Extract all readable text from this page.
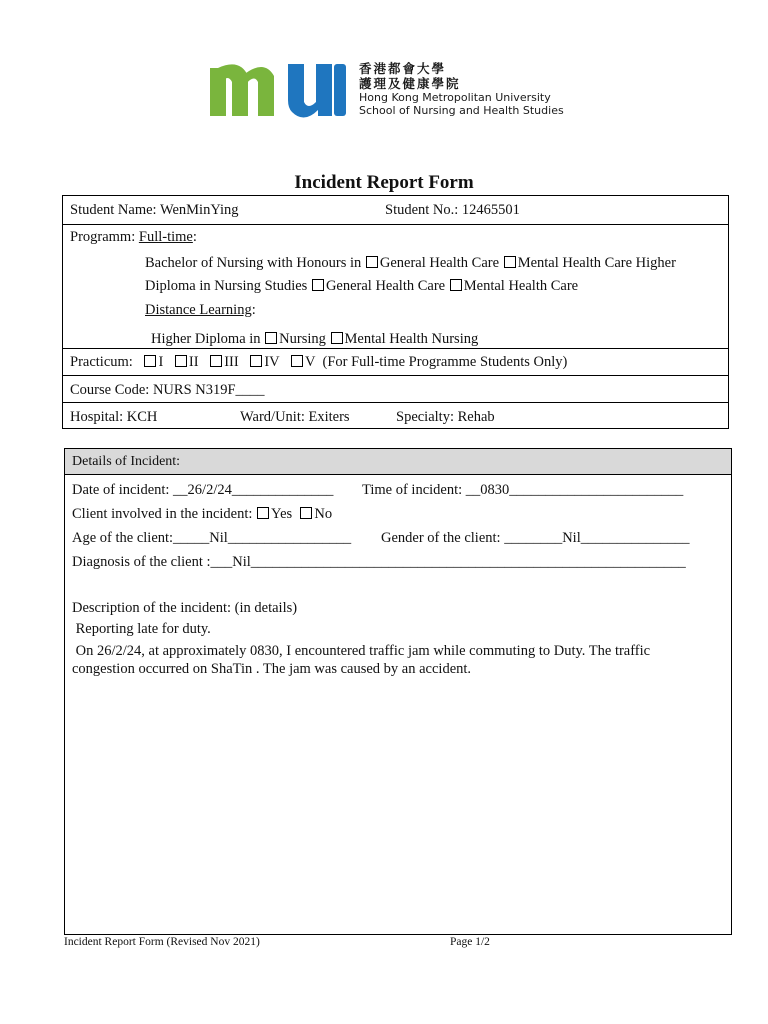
香港都會大學
護理及健康學院
Hong Kong Metropolitan University
School of Nursing and Health Studies
Incident Report Form
Student Name: WenMinYing	Student No.: 12465501
Programm: Full-time:
Bachelor of Nursing with Honours in General Health Care Mental Health Care Higher
Diploma in Nursing Studies General Health Care Mental Health Care
Distance Learning:
Higher Diploma in Nursing Mental Health Nursing
Practicum: I II III IV V (For Full-time Programme Students Only)
Course Code: NURS N319F____
Hospital: KCH	Ward/Unit: Exiters	Specialty: Rehab
Details of Incident:
Date of incident: __26/2/24______________ Time of incident: __0830________________________
Client involved in the incident: Yes No
Age of the client:_____Nil_________________ Gender of the client: ________Nil_______________
Diagnosis of the client :___Nil____________________________________________________________
Description of the incident: (in details)
Reporting late for duty.
On 26/2/24, at approximately 0830, I encountered traffic jam while commuting to Duty. The traffic
congestion occurred on ShaTin . The jam was caused by an accident.
Incident Report Form (Revised Nov 2021)	Page 1/2
